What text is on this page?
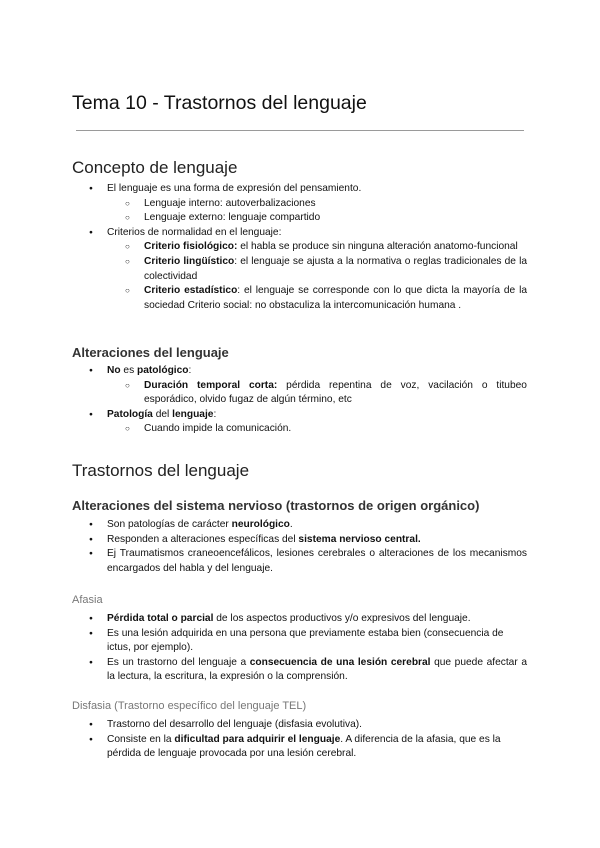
Tema 10 - Trastornos del lenguaje
Concepto de lenguaje
● El lenguaje es una forma de expresión del pensamiento.
○ Lenguaje interno: autoverbalizaciones
○ Lenguaje externo: lenguaje compartido
● Criterios de normalidad en el lenguaje:
○ Criterio fisiológico: el habla se produce sin ninguna alteración anatomo-funcional
○ Criterio lingüístico: el lenguaje se ajusta a la normativa o reglas tradicionales de la colectividad
○ Criterio estadístico: el lenguaje se corresponde con lo que dicta la mayoría de la sociedad Criterio social: no obstaculiza la intercomunicación humana .
Alteraciones del lenguaje
● No es patológico:
○ Duración temporal corta: pérdida repentina de voz, vacilación o titubeo esporádico, olvido fugaz de algún término, etc
● Patología del lenguaje:
○ Cuando impide la comunicación.
Trastornos del lenguaje
Alteraciones del sistema nervioso (trastornos de origen orgánico)
● Son patologías de carácter neurológico.
● Responden a alteraciones específicas del sistema nervioso central.
● Ej Traumatismos craneoencefálicos, lesiones cerebrales o alteraciones de los mecanismos encargados del habla y del lenguaje.
Afasia
● Pérdida total o parcial de los aspectos productivos y/o expresivos del lenguaje.
● Es una lesión adquirida en una persona que previamente estaba bien (consecuencia de ictus, por ejemplo).
● Es un trastorno del lenguaje a consecuencia de una lesión cerebral que puede afectar a la lectura, la escritura, la expresión o la comprensión.
Disfasia (Trastorno específico del lenguaje TEL)
● Trastorno del desarrollo del lenguaje (disfasia evolutiva).
● Consiste en la dificultad para adquirir el lenguaje. A diferencia de la afasia, que es la pérdida de lenguaje provocada por una lesión cerebral.
